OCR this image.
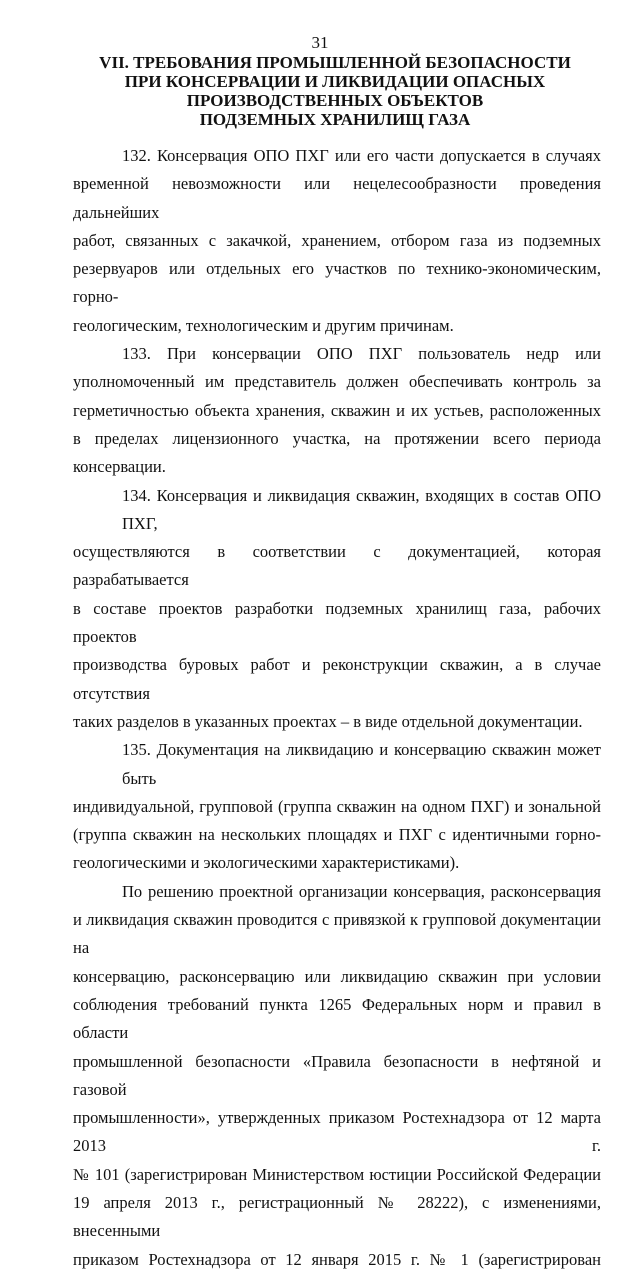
31
VII. ТРЕБОВАНИЯ ПРОМЫШЛЕННОЙ БЕЗОПАСНОСТИ
ПРИ КОНСЕРВАЦИИ И ЛИКВИДАЦИИ ОПАСНЫХ
ПРОИЗВОДСТВЕННЫХ ОБЪЕКТОВ
ПОДЗЕМНЫХ ХРАНИЛИЩ ГАЗА
132. Консервация ОПО ПХГ или его части допускается в случаях
временной невозможности или нецелесообразности проведения дальнейших
работ, связанных с закачкой, хранением, отбором газа из подземных
резервуаров или отдельных его участков по технико-экономическим, горно-
геологическим, технологическим и другим причинам.
133. При консервации ОПО ПХГ пользователь недр или
уполномоченный им представитель должен обеспечивать контроль за
герметичностью объекта хранения, скважин и их устьев, расположенных
в пределах лицензионного участка, на протяжении всего периода консервации.
134. Консервация и ликвидация скважин, входящих в состав ОПО ПХГ,
осуществляются в соответствии с документацией, которая разрабатывается
в составе проектов разработки подземных хранилищ газа, рабочих проектов
производства буровых работ и реконструкции скважин, а в случае отсутствия
таких разделов в указанных проектах – в виде отдельной документации.
135. Документация на ликвидацию и консервацию скважин может быть
индивидуальной, групповой (группа скважин на одном ПХГ) и зональной
(группа скважин на нескольких площадях и ПХГ с идентичными горно-
геологическими и экологическими характеристиками).
По решению проектной организации консервация, расконсервация
и ликвидация скважин проводится с привязкой к групповой документации на
консервацию, расконсервацию или ликвидацию скважин при условии
соблюдения требований пункта 1265 Федеральных норм и правил в области
промышленной безопасности «Правила безопасности в нефтяной и газовой
промышленности», утвержденных приказом Ростехнадзора от 12 марта 2013 г.
№ 101 (зарегистрирован Министерством юстиции Российской Федерации
19 апреля 2013 г., регистрационный № 28222), с изменениями, внесенными
приказом Ростехнадзора от 12 января 2015 г. № 1 (зарегистрирован
